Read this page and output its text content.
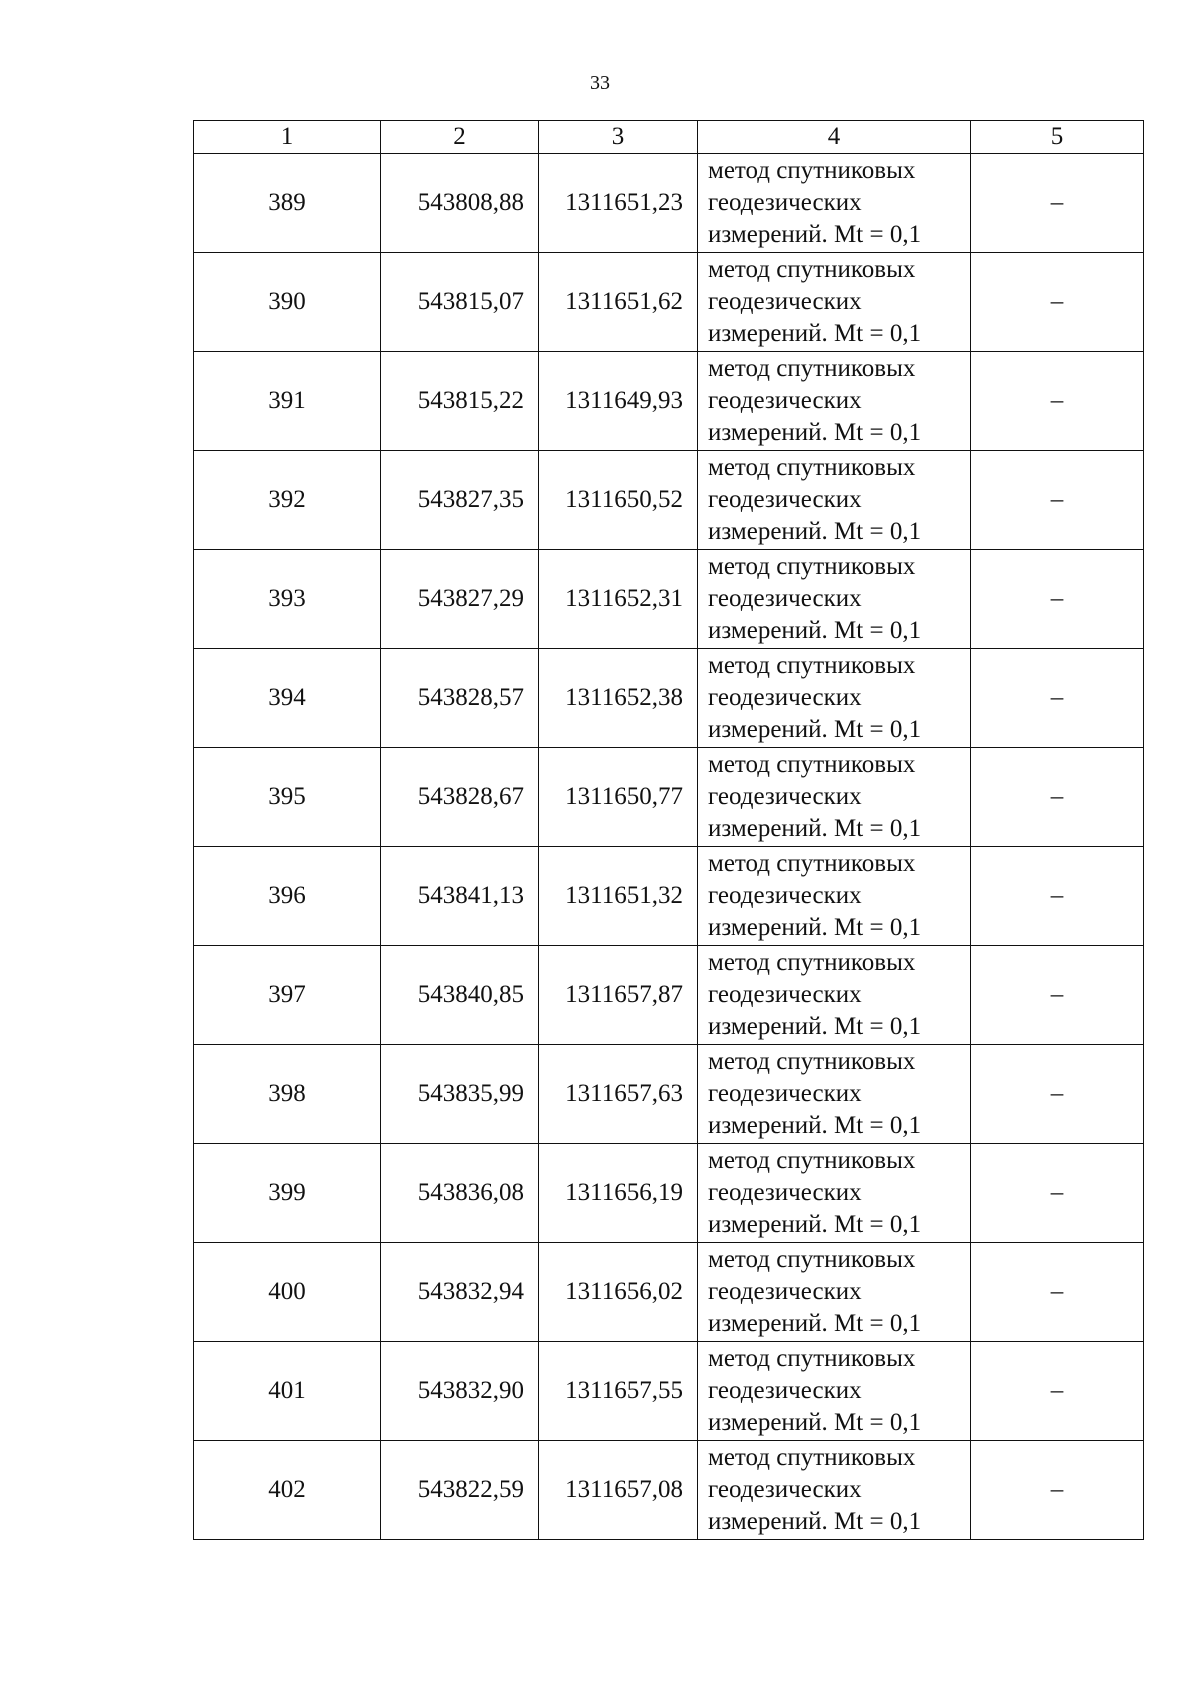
33
1	2	3	4	5
389	543808,88	1311651,23	метод спутниковых
геодезических
измерений. Mt = 0,1	–
390	543815,07	1311651,62	метод спутниковых
геодезических
измерений. Mt = 0,1	–
391	543815,22	1311649,93	метод спутниковых
геодезических
измерений. Mt = 0,1	–
392	543827,35	1311650,52	метод спутниковых
геодезических
измерений. Mt = 0,1	–
393	543827,29	1311652,31	метод спутниковых
геодезических
измерений. Mt = 0,1	–
394	543828,57	1311652,38	метод спутниковых
геодезических
измерений. Mt = 0,1	–
395	543828,67	1311650,77	метод спутниковых
геодезических
измерений. Mt = 0,1	–
396	543841,13	1311651,32	метод спутниковых
геодезических
измерений. Mt = 0,1	–
397	543840,85	1311657,87	метод спутниковых
геодезических
измерений. Mt = 0,1	–
398	543835,99	1311657,63	метод спутниковых
геодезических
измерений. Mt = 0,1	–
399	543836,08	1311656,19	метод спутниковых
геодезических
измерений. Mt = 0,1	–
400	543832,94	1311656,02	метод спутниковых
геодезических
измерений. Mt = 0,1	–
401	543832,90	1311657,55	метод спутниковых
геодезических
измерений. Mt = 0,1	–
402	543822,59	1311657,08	метод спутниковых
геодезических
измерений. Mt = 0,1	–
